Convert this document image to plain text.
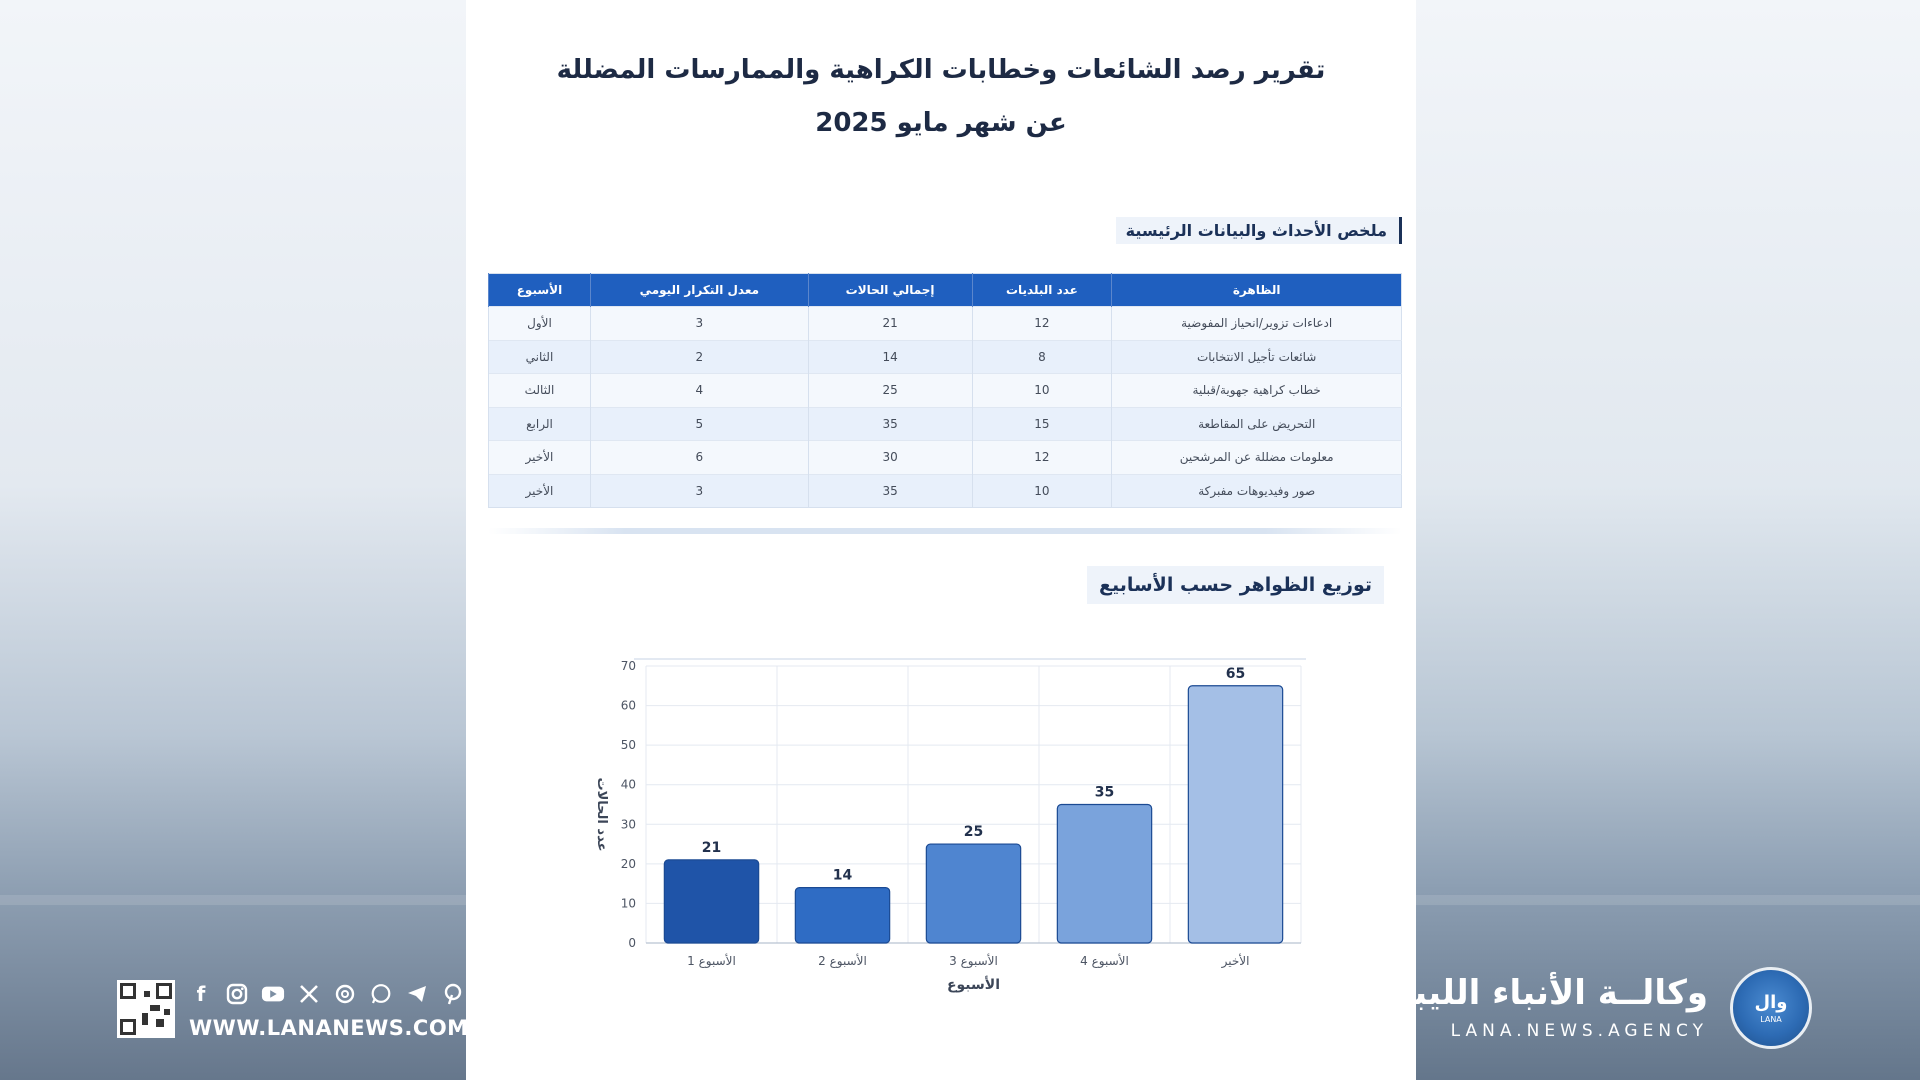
تقرير رصد الشائعات وخطابات الكراهية والممارسات المضللة
عن شهر مايو 2025
ملخص الأحداث والبيانات الرئيسية
الظاهرة	عدد البلديات	إجمالي الحالات	معدل التكرار اليومي	الأسبوع
ادعاءات تزوير/انحياز المفوضية	12	21	3	الأول
شائعات تأجيل الانتخابات	8	14	2	الثاني
خطاب كراهية جهوية/قبلية	10	25	4	الثالث
التحريض على المقاطعة	15	35	5	الرابع
معلومات مضللة عن المرشحين	12	30	6	الأخير
صور وفيديوهات مفبركة	10	35	3	الأخير
توزيع الظواهر حسب الأسابيع
0
10
20
30
40
50
60
70
21
الأسبوع 1
14
الأسبوع 2
25
الأسبوع 3
35
الأسبوع 4
65
الأخير
الأسبوع
عدد الحالات
f
WWW.LANANEWS.COM
وكالــة الأنباء الليبية
LANA.NEWS.AGENCY
وال
LANA
